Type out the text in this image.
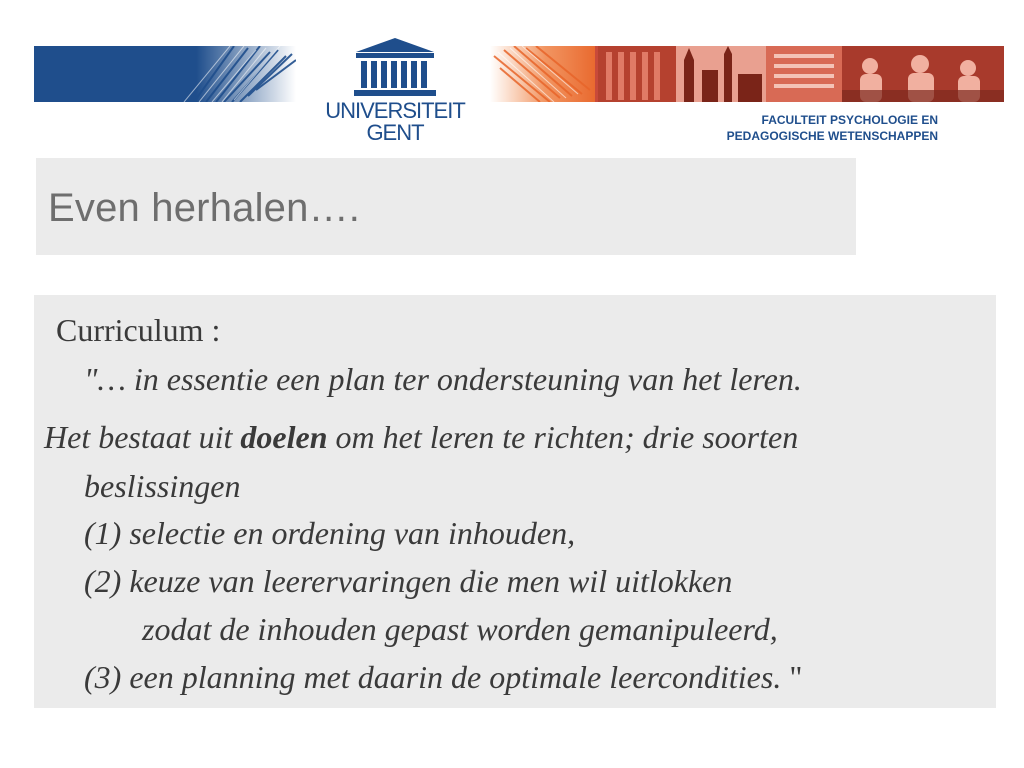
UNIVERSITEIT
GENT	FACULTEIT PSYCHOLOGIE EN
PEDAGOGISCHE WETENSCHAPPEN
Even herhalen….
Curriculum :
"… in essentie een plan ter ondersteuning van het leren.
Het bestaat uit doelen om het leren te richten; drie soorten
beslissingen
(1) selectie en ordening van inhouden,
(2) keuze van leerervaringen die men wil uitlokken
zodat de inhouden gepast worden gemanipuleerd,
(3) een planning met daarin de optimale leercondities. "
